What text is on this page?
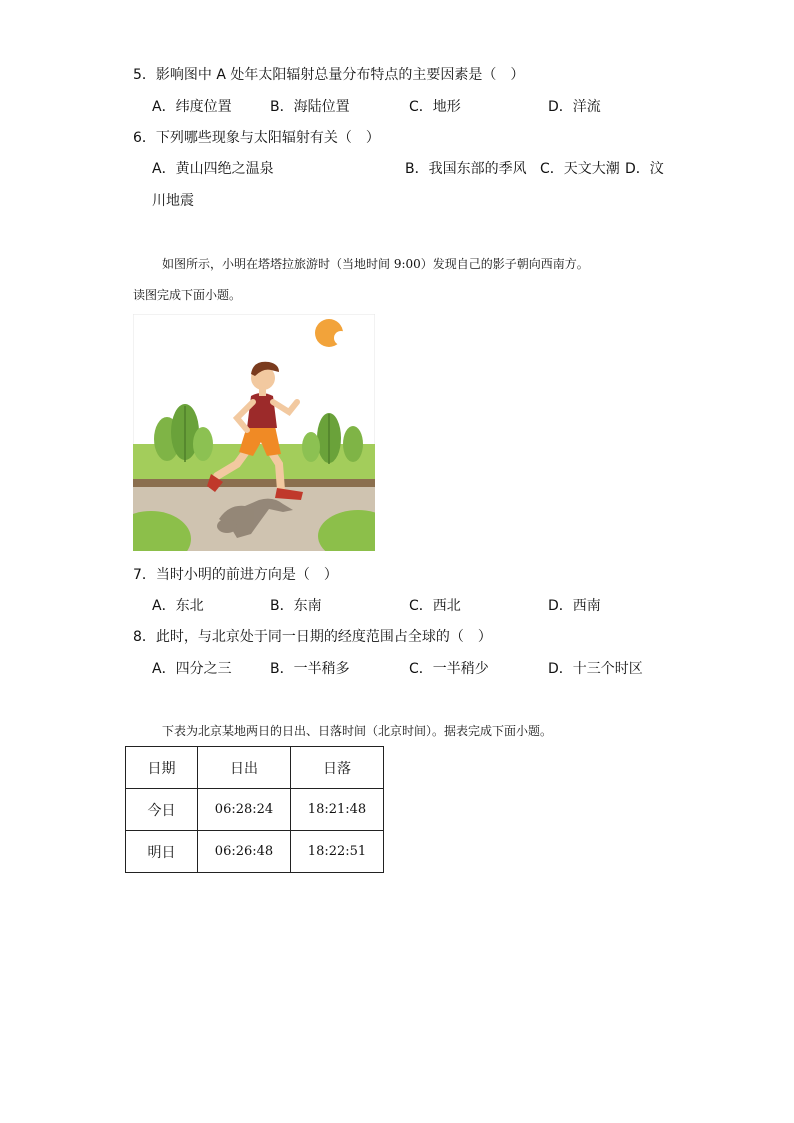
5．影响图中 A 处年太阳辐射总量分布特点的主要因素是（　）
A．纬度位置	B．海陆位置	C．地形	D．洋流
6．下列哪些现象与太阳辐射有关（　）
A．黄山四绝之温泉	B．我国东部的季风 C．天文大潮 D．汶
川地震
如图所示，小明在塔塔拉旅游时（当地时间 9:00）发现自己的影子朝向西南方。
读图完成下面小题。
7．当时小明的前进方向是（　）
A．东北	B．东南	C．西北	D．西南
8．此时，与北京处于同一日期的经度范围占全球的（　）
A．四分之三	B．一半稍多	C．一半稍少	D．十三个时区
下表为北京某地两日的日出、日落时间（北京时间）。据表完成下面小题。
日期	日出	日落
今日	06:28:24	18:21:48
明日	06:26:48	18:22:51
